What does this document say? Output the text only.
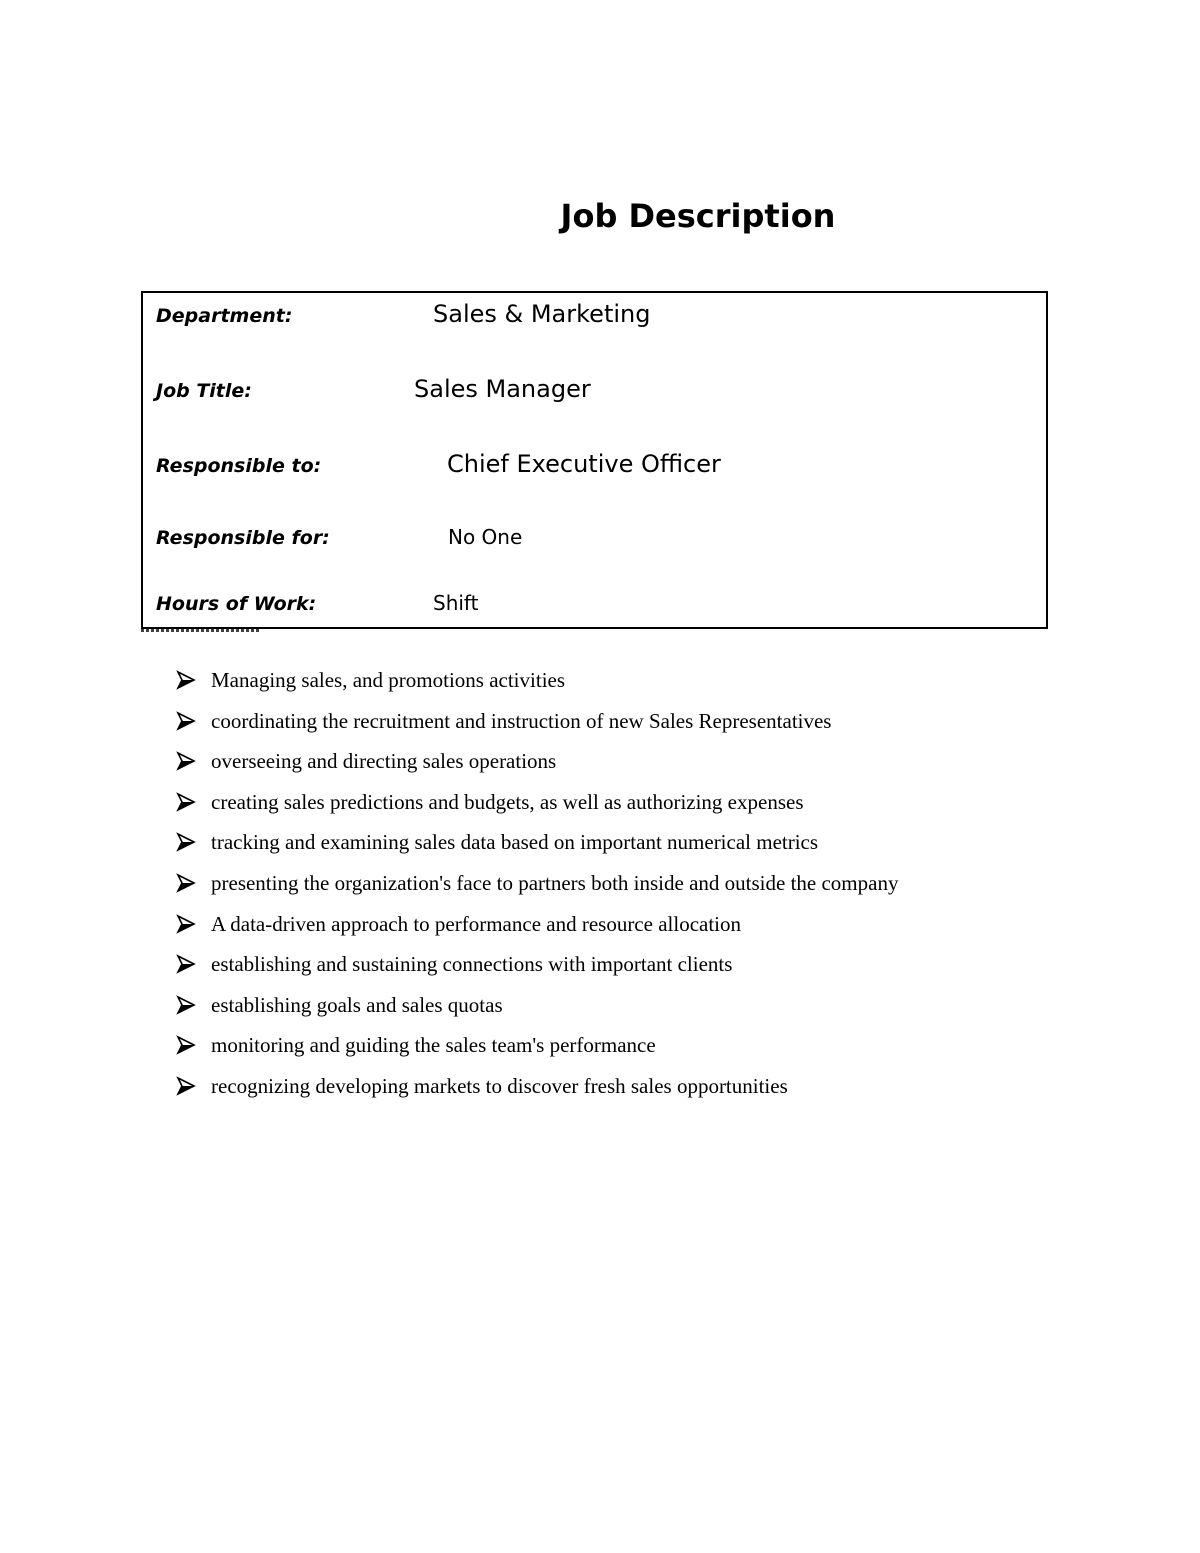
Job Description
Department:	Sales & Marketing
Job Title:	Sales Manager
Responsible to:	Chief Executive Officer
Responsible for:	No One
Hours of Work:	Shift
Managing sales, and promotions activities
coordinating the recruitment and instruction of new Sales Representatives
overseeing and directing sales operations
creating sales predictions and budgets, as well as authorizing expenses
tracking and examining sales data based on important numerical metrics
presenting the organization's face to partners both inside and outside the company
A data-driven approach to performance and resource allocation
establishing and sustaining connections with important clients
establishing goals and sales quotas
monitoring and guiding the sales team's performance
recognizing developing markets to discover fresh sales opportunities
